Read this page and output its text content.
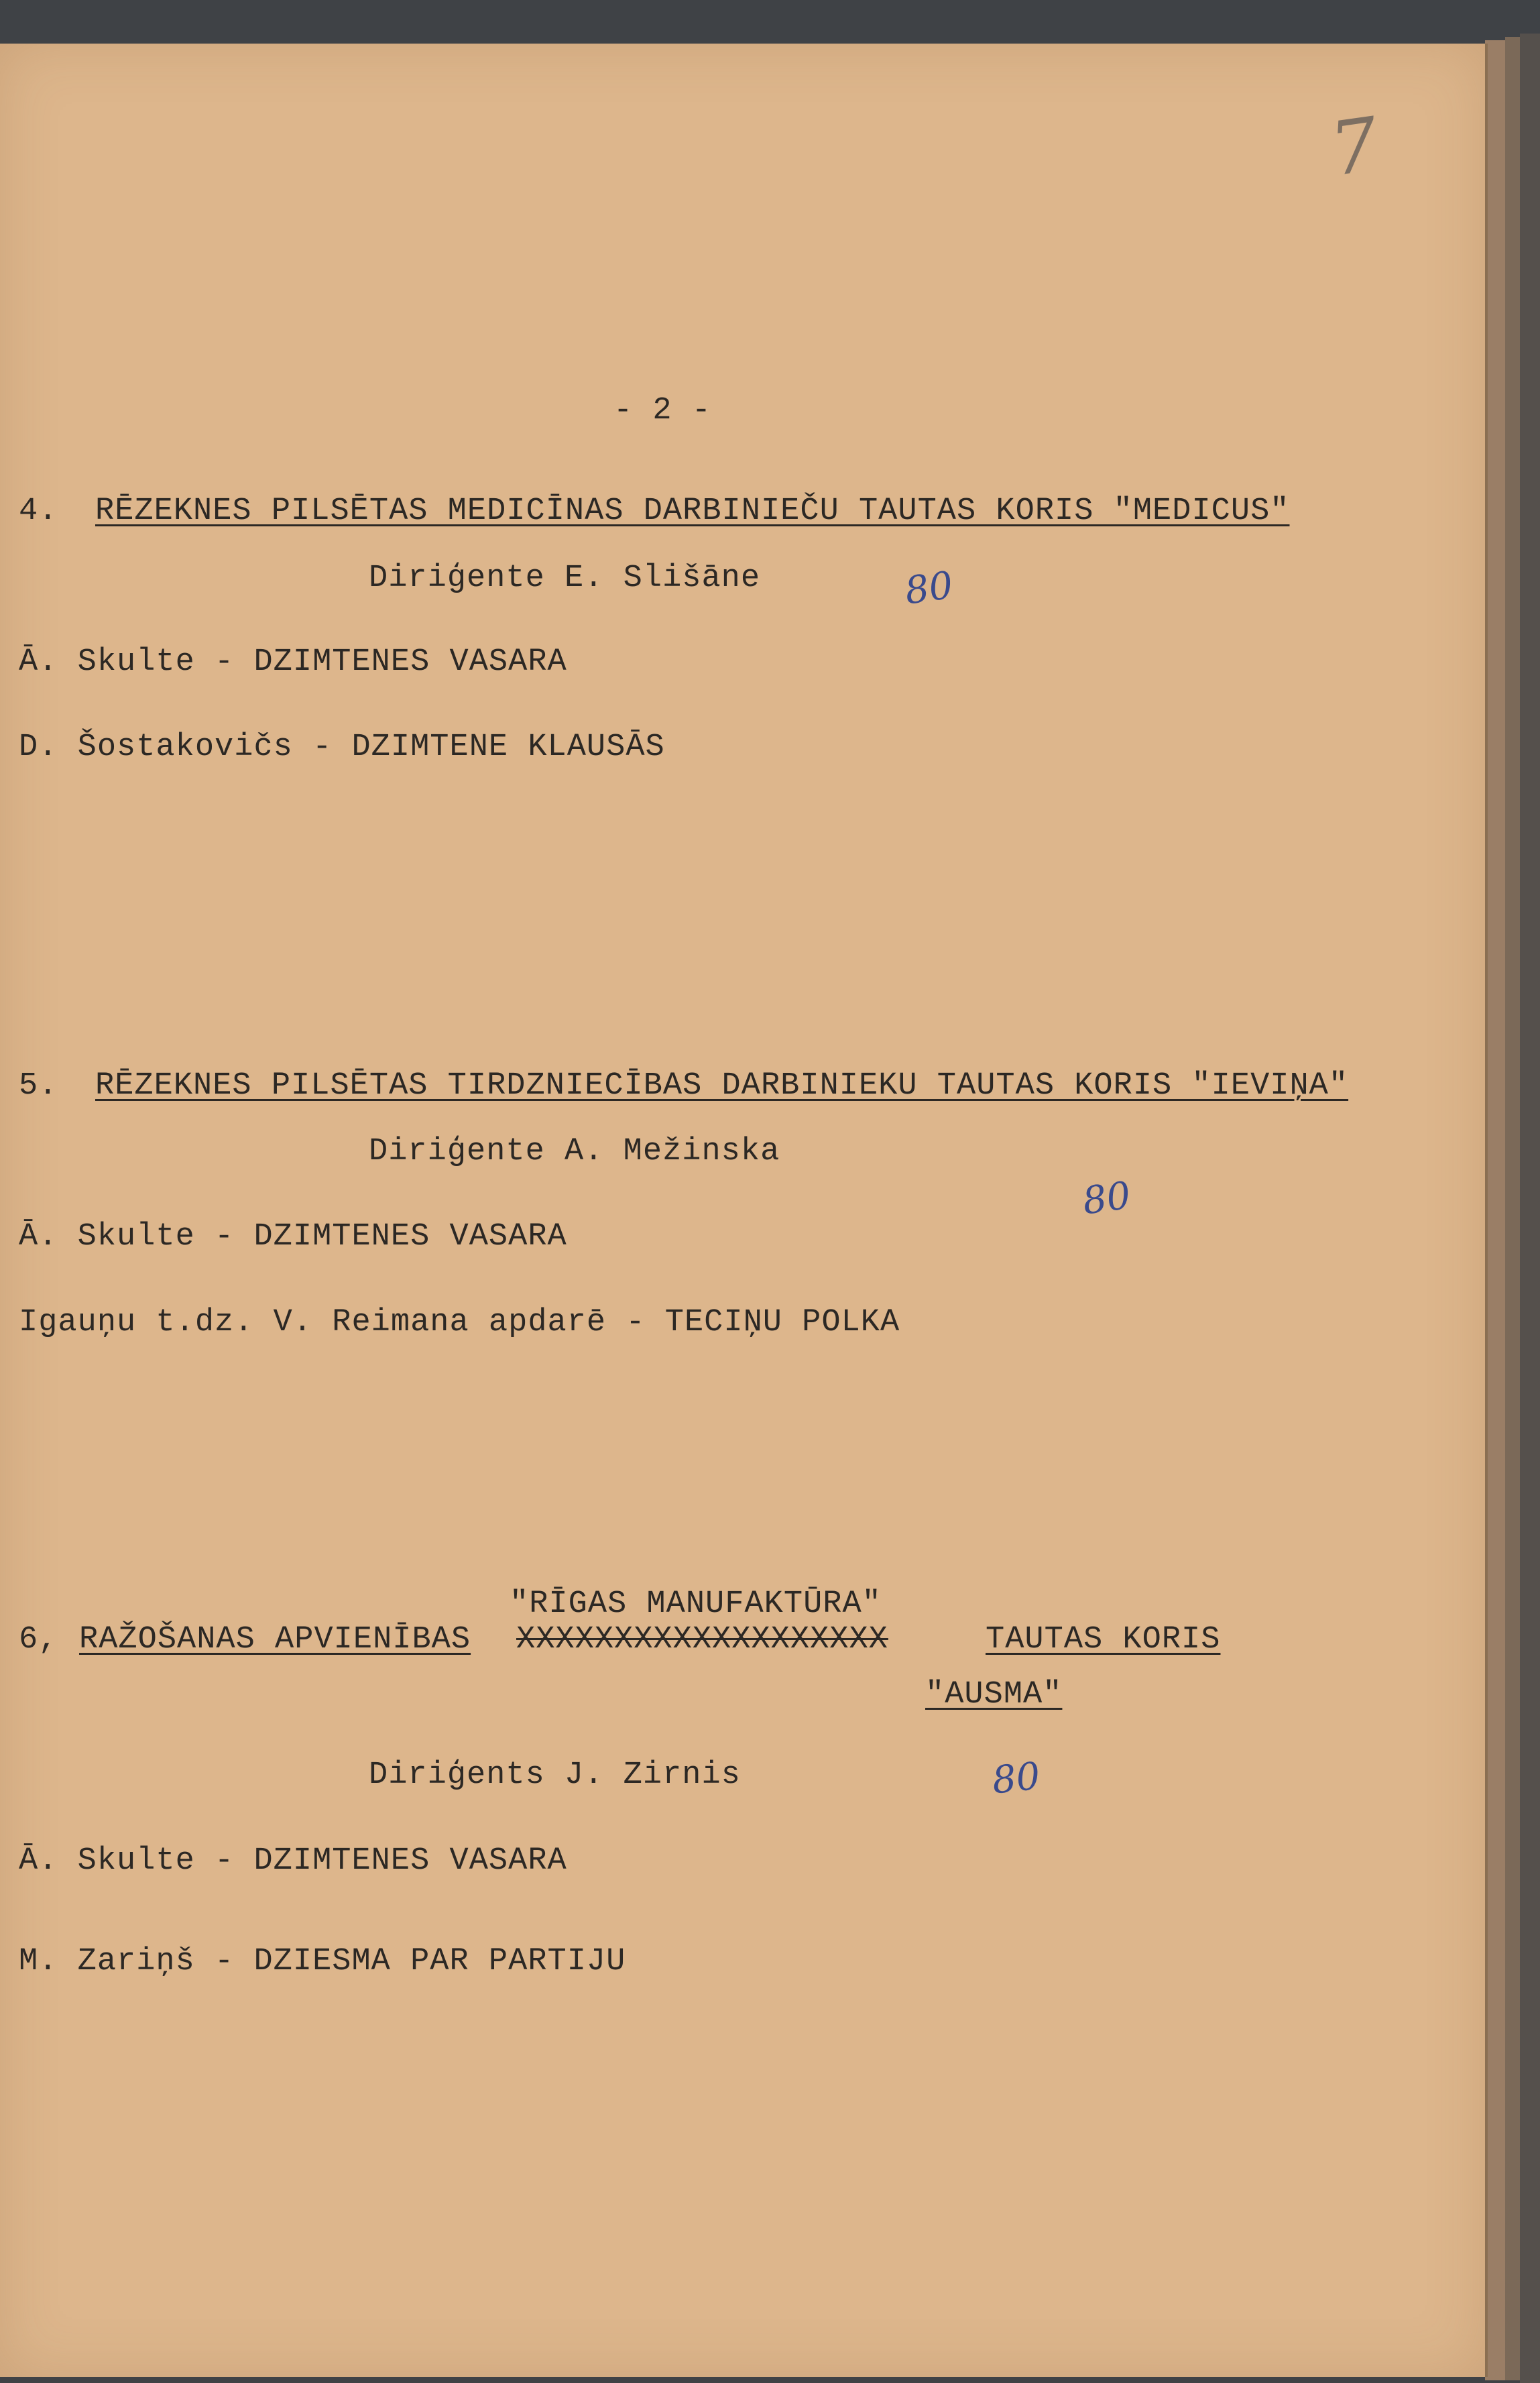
7
- 2 -
4. RĒZEKNES PILSĒTAS MEDICĪNAS DARBINIEČU TAUTAS KORIS "MEDICUS"
Diriģente E. Slišāne	80
Ā. Skulte - DZIMTENES VASARA
D. Šostakovičs - DZIMTENE KLAUSĀS
5. RĒZEKNES PILSĒTAS TIRDZNIECĪBAS DARBINIEKU TAUTAS KORIS "IEVIŅA"
Diriģente A. Mežinska
80
Ā. Skulte - DZIMTENES VASARA
Igauņu t.dz. V. Reimana apdarē - TECIŅU POLKA
"RĪGAS MANUFAKTŪRA"
6, RAŽOŠANAS APVIENĪBAS XXXXXXXXXXXXXXXXXXX	TAUTAS KORIS
"AUSMA"
Diriģents J. Zirnis	80
Ā. Skulte - DZIMTENES VASARA
M. Zariņš - DZIESMA PAR PARTIJU
